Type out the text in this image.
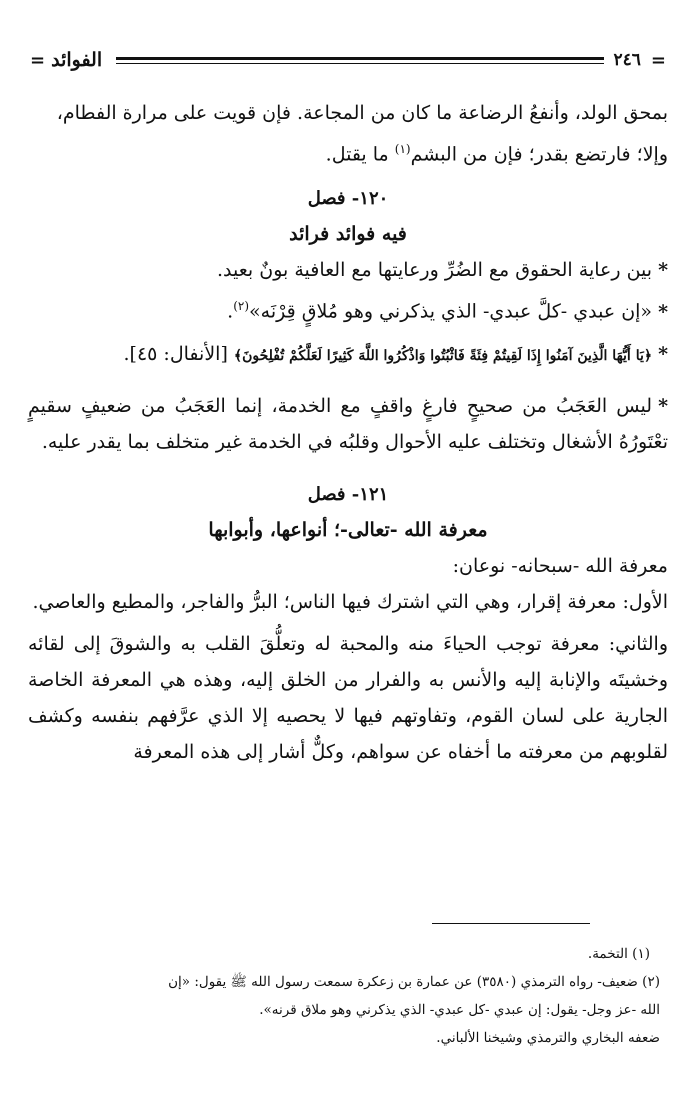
=
٢٤٦
الفوائد
=

بمحق الولد، وأنفعُ الرضاعة ما كان من المجاعة. فإن قويت على مرارة الفطام،

وإلا؛ فارتضع بقدر؛ فإن من البشم$^{(١)}$ ما يقتل.

١٢٠- فصل

فيه فوائد فرائد

*بين رعاية الحقوق مع الضُرِّ ورعايتها مع العافية بونٌ بعيد.

*«إن عبدي -كلَّ عبدي- الذي يذكرني وهو مُلاقٍ قِرْنَه»$^{(٢)}$.

*﴿يَا أَيُّهَا الَّذِينَ آمَنُوا إِذَا لَقِيتُمْ فِئَةً فَاثْبُتُوا وَاذْكُرُوا اللَّهَ كَثِيرًا لَعَلَّكُمْ تُفْلِحُونَ﴾ [الأنفال: ٤٥].

*ليس العَجَبُ من صحيحٍ فارغٍ واقفٍ مع الخدمة، إنما العَجَبُ من ضعيفٍ سقيمٍ تعْتَورُهُ الأشغال وتختلف عليه الأحوال وقلبُه في الخدمة غير متخلف بما يقدر عليه.

١٢١- فصل

معرفة الله -تعالى-؛ أنواعها، وأبوابها

معرفة الله -سبحانه- نوعان:

الأول: معرفة إقرار، وهي التي اشترك فيها الناس؛ البرُّ والفاجر، والمطيع والعاصي.

والثاني: معرفة توجب الحياءَ منه والمحبة له وتعلُّقَ القلب به والشوقَ إلى لقائه وخشيتَه والإنابة إليه والأنس به والفرار من الخلق إليه، وهذه هي المعرفة الخاصة الجارية على لسان القوم، وتفاوتهم فيها لا يحصيه إلا الذي عرَّفهم بنفسه وكشف لقلوبهم من معرفته ما أخفاه عن سواهم، وكلٌّ أشار إلى هذه المعرفة

(١) التخمة.

(٢) ضعيف- رواه الترمذي (٣٥٨٠) عن عمارة بن زعكرة سمعت رسول الله ﷺ يقول: «إن

الله -عز وجل- يقول: إن عبدي -كل عبدي- الذي يذكرني وهو ملاق قرنه».

ضعفه البخاري والترمذي وشيخنا الألباني.
